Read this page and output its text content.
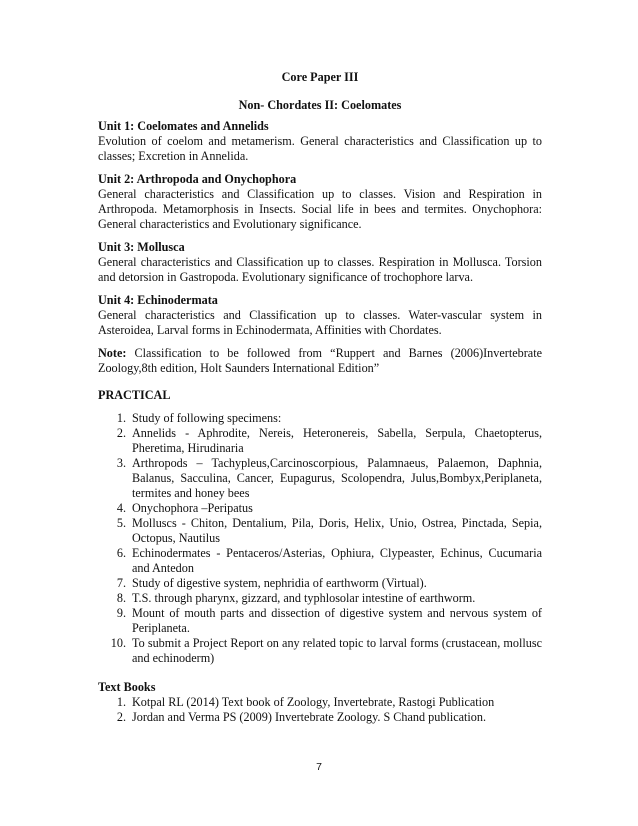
Core Paper III

Non- Chordates II: Coelomates

Unit 1: Coelomates and Annelids

Evolution of coelom and metamerism. General characteristics and Classification up to classes; Excretion in Annelida.

Unit 2: Arthropoda and Onychophora

General characteristics and Classification up to classes. Vision and Respiration in Arthropoda. Metamorphosis in Insects. Social life in bees and termites. Onychophora: General characteristics and Evolutionary significance.

Unit 3: Mollusca

General characteristics and Classification up to classes. Respiration in Mollusca. Torsion and detorsion in Gastropoda. Evolutionary significance of trochophore larva.

Unit 4: Echinodermata

General characteristics and Classification up to classes. Water-vascular system in Asteroidea, Larval forms in Echinodermata, Affinities with Chordates.

Note: Classification to be followed from “Ruppert and Barnes (2006)Invertebrate Zoology,8th edition, Holt Saunders International Edition”

PRACTICAL

1. Study of following specimens:
2. Annelids - Aphrodite, Nereis, Heteronereis, Sabella, Serpula, Chaetopterus, Pheretima, Hirudinaria
3. Arthropods – Tachypleus,Carcinoscorpious, Palamnaeus, Palaemon, Daphnia, Balanus, Sacculina, Cancer, Eupagurus, Scolopendra, Julus,Bombyx,Periplaneta, termites and honey bees
4. Onychophora –Peripatus
5. Molluscs - Chiton, Dentalium, Pila, Doris, Helix, Unio, Ostrea, Pinctada, Sepia, Octopus, Nautilus
6. Echinodermates - Pentaceros/Asterias, Ophiura, Clypeaster, Echinus, Cucumaria and Antedon
7. Study of digestive system, nephridia of earthworm (Virtual).
8. T.S. through pharynx, gizzard, and typhlosolar intestine of earthworm.
9. Mount of mouth parts and dissection of digestive system and nervous system of Periplaneta.
10. To submit a Project Report on any related topic to larval forms (crustacean, mollusc and echinoderm)

Text Books

1. Kotpal RL (2014) Text book of Zoology, Invertebrate, Rastogi Publication
2. Jordan and Verma PS (2009) Invertebrate Zoology. S Chand publication.
7
